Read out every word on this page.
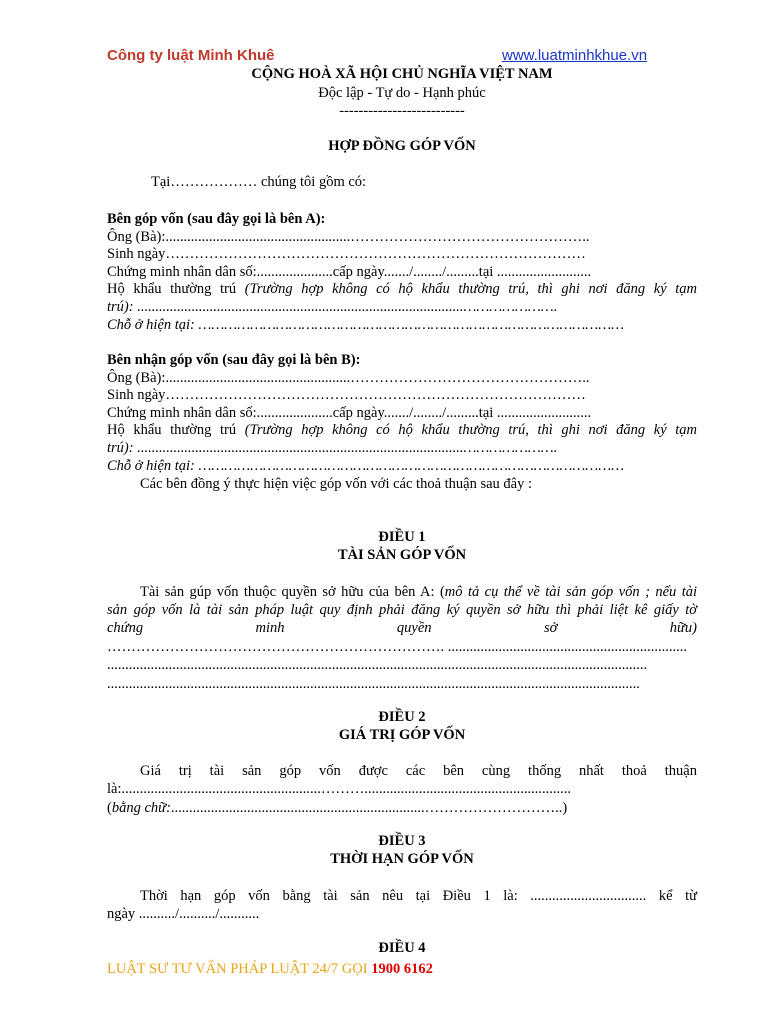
Công ty luật Minh Khuê	www.luatminhkhue.vn
CỘNG HOÀ XÃ HỘI CHỦ NGHĨA VIỆT NAM
Độc lập - Tự do - Hạnh phúc
--------------------------
HỢP ĐỒNG GÓP VỐN
Tại……………… chúng tôi gồm có:
Bên góp vốn (sau đây gọi là bên A):
Ông (Bà):...................................................…………………………………………..
Sinh ngày……………………………………………………………………………
Chứng minh nhân dân số:.....................cấp ngày......./......../.........tại ..........................
Hộ khẩu thường trú (Trường hợp không có hộ khẩu thường trú, thì ghi nơi đăng ký tạm
trú): ..........................................................................................………………….
Chỗ ở hiện tại: ………………………………………………………………………………………
Bên nhận góp vốn (sau đây gọi là bên B):
Ông (Bà):...................................................…………………………………………..
Sinh ngày……………………………………………………………………………
Chứng minh nhân dân số:.....................cấp ngày......./......../.........tại ..........................
Hộ khẩu thường trú (Trường hợp không có hộ khẩu thường trú, thì ghi nơi đăng ký tạm
trú): ..........................................................................................………………….
Chỗ ở hiện tại: ………………………………………………………………………………………
Các bên đồng ý thực hiện việc góp vốn với các thoả thuận sau đây :
ĐIỀU 1
TÀI SẢN GÓP VỐN
Tài sản gúp vốn thuộc quyền sở hữu của bên A: (mô tả cụ thể về tài sản góp vốn ; nếu tài
sản góp vốn là tài sản pháp luật quy định phải đăng ký quyền sở hữu thì phải liệt kê giấy tờ
chứng minh quyền sở hữu)
……………………………………………………………. ..................................................................
.....................................................................................................................................................
...................................................................................................................................................
ĐIỀU 2
GIÁ TRỊ GÓP VỐN
Giá trị tài sản góp vốn được các bên cùng thống nhất thoả thuận
là:.......................................................……….........................................................
(bằng chữ:......................................................................………………………..)
ĐIỀU 3
THỜI HẠN GÓP VỐN
Thời hạn góp vốn bằng tài sản nêu tại Điều 1 là: ................................ kể từ
ngày ........../........../...........
ĐIỀU 4
LUẬT SƯ TƯ VẤN PHÁP LUẬT 24/7 GỌI 1900 6162
